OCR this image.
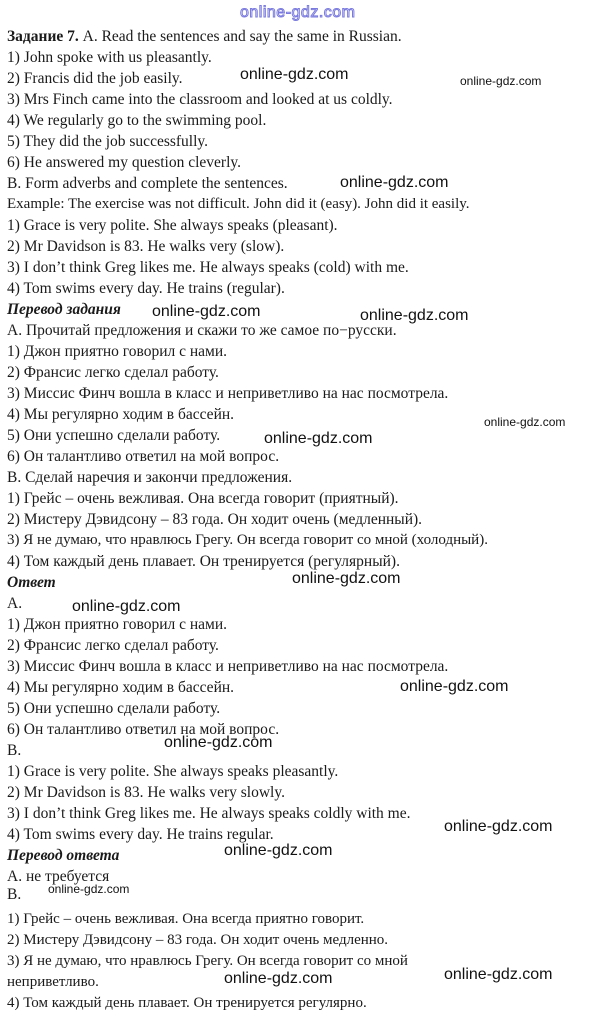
online-gdz.com
Задание 7. A. Read the sentences and say the same in Russian.
1) John spoke with us pleasantly.
2) Francis did the job easily.
3) Mrs Finch came into the classroom and looked at us coldly.
4) We regularly go to the swimming pool.
5) They did the job successfully.
6) He answered my question cleverly.
B. Form adverbs and complete the sentences.
Example: The exercise was not difficult. John did it (easy). John did it easily.
1) Grace is very polite. She always speaks (pleasant).
2) Mr Davidson is 83. He walks very (slow).
3) I don’t think Greg likes me. He always speaks (cold) with me.
4) Tom swims every day. He trains (regular).
Перевод задания
А. Прочитай предложения и скажи то же самое по−русски.
1) Джон приятно говорил с нами.
2) Франсис легко сделал работу.
3) Миссис Финч вошла в класс и неприветливо на нас посмотрела.
4) Мы регулярно ходим в бассейн.
5) Они успешно сделали работу.
6) Он талантливо ответил на мой вопрос.
В. Сделай наречия и закончи предложения.
1) Грейс – очень вежливая. Она всегда говорит (приятный).
2) Мистеру Дэвидсону – 83 года. Он ходит очень (медленный).
3) Я не думаю, что нравлюсь Грегу. Он всегда говорит со мной (холодный).
4) Том каждый день плавает. Он тренируется (регулярный).
Ответ
A.
1) Джон приятно говорил с нами.
2) Франсис легко сделал работу.
3) Миссис Финч вошла в класс и неприветливо на нас посмотрела.
4) Мы регулярно ходим в бассейн.
5) Они успешно сделали работу.
6) Он талантливо ответил на мой вопрос.
B.
1) Grace is very polite. She always speaks pleasantly.
2) Mr Davidson is 83. He walks very slowly.
3) I don’t think Greg likes me. He always speaks coldly with me.
4) Tom swims every day. He trains regular.
Перевод ответа
А. не требуется
B.
1) Грейс – очень вежливая. Она всегда приятно говорит.
2) Мистеру Дэвидсону – 83 года. Он ходит очень медленно.
3) Я не думаю, что нравлюсь Грегу. Он всегда говорит со мной
неприветливо.
4) Том каждый день плавает. Он тренируется регулярно.
online-gdz.com	online-gdz.com
online-gdz.com
online-gdz.com	online-gdz.com
online-gdz.com
online-gdz.com
online-gdz.com
online-gdz.com
online-gdz.com
online-gdz.com
online-gdz.com
online-gdz.com
online-gdz.com
online-gdz.com	online-gdz.com
